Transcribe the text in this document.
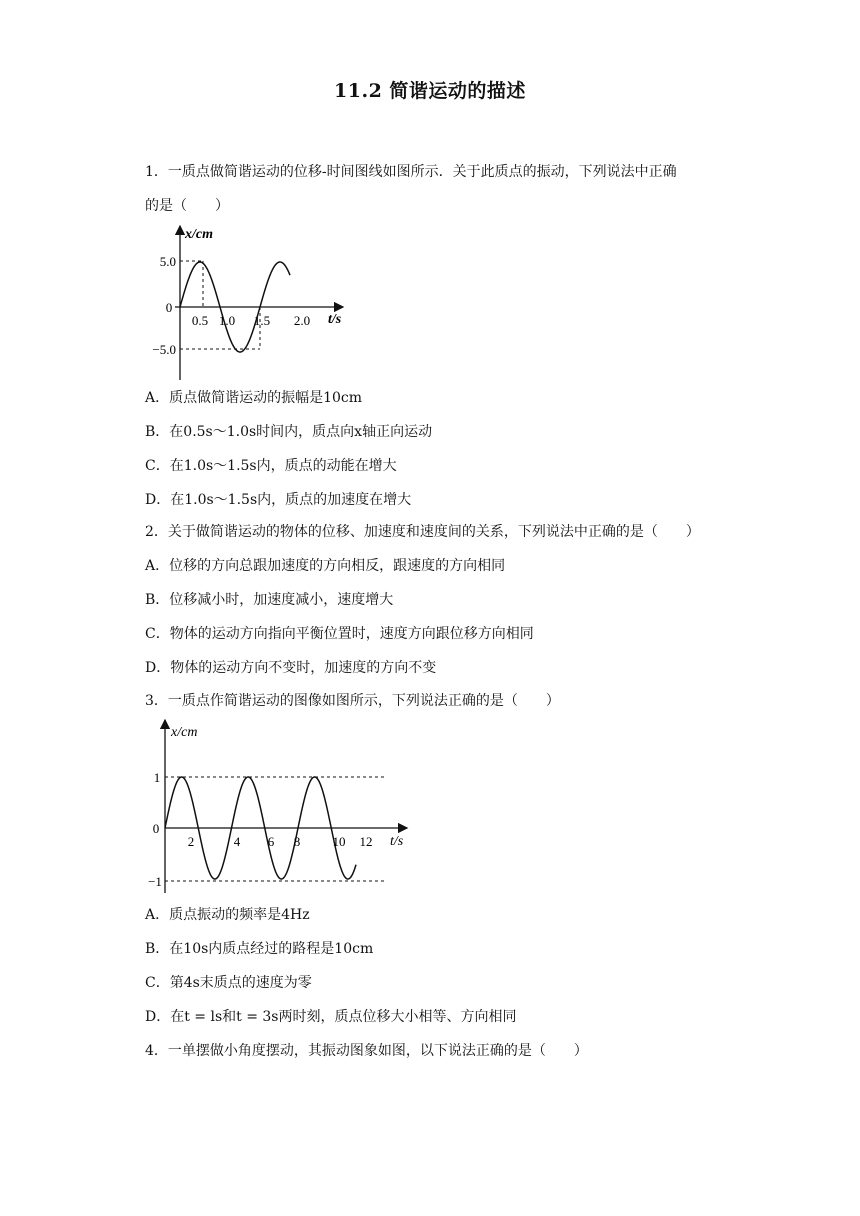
11.2 简谐运动的描述
1．一质点做简谐运动的位移-时间图线如图所示．关于此质点的振动，下列说法中正确
的是（　　）
x/cm
t/s
0
5.0
−5.0
0.5 1.0 1.5 2.0
A．质点做简谐运动的振幅是10cm
B．在0.5s～1.0s时间内，质点向x轴正向运动
C．在1.0s～1.5s内，质点的动能在增大
D．在1.0s～1.5s内，质点的加速度在增大
2．关于做简谐运动的物体的位移、加速度和速度间的关系，下列说法中正确的是（　　）
A．位移的方向总跟加速度的方向相反，跟速度的方向相同
B．位移减小时，加速度减小，速度增大
C．物体的运动方向指向平衡位置时，速度方向跟位移方向相同
D．物体的运动方向不变时，加速度的方向不变
3．一质点作简谐运动的图像如图所示，下列说法正确的是（　　）
x/cm
t/s
0
1
−1
2	4 6 8 10 12
A．质点振动的频率是4Hz
B．在10s内质点经过的路程是10cm
C．第4s末质点的速度为零
D．在t = ls和t = 3s两时刻，质点位移大小相等、方向相同
4．一单摆做小角度摆动，其振动图象如图，以下说法正确的是（　　）
